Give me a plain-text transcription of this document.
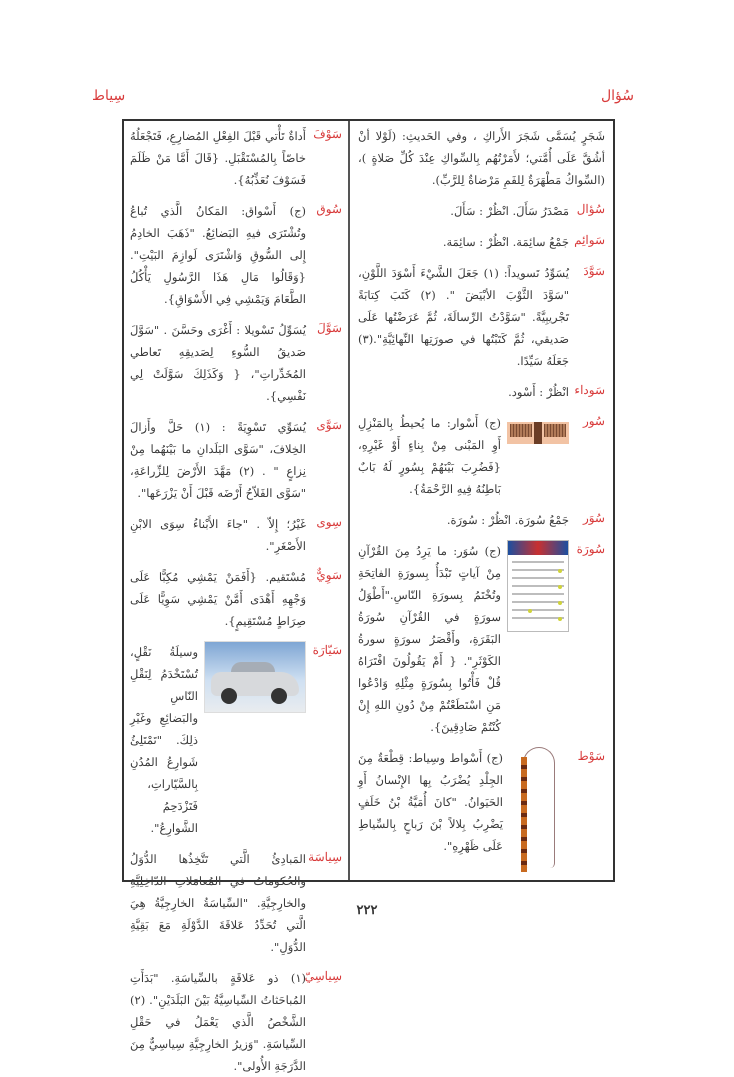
سُؤال
سِياط
شَجَرٍ يُسَمَّى شَجَرَ الأَراكِ ، وفي الحَديثِ: (لَوْلا أنْ أشُقَّ عَلَى أُمَّتي؛ لأَمَرْتُهُم بِالسِّواكِ عِنْدَ كُلِّ صَلاةٍ )، (السِّواكُ مَطْهَرَةٌ لِلفَمِ مَرْضاةٌ لِلرَّبِّ).
سُؤال
مَصْدَرُ سَأَلَ. انْظُرْ : سَأَلَ.
سَوائِم
جَمْعُ سائِمَة. انْظُرْ : سائِمَة.
سَوَّدَ
يُسَوِّدُ تَسويداً: (١) جَعَلَ الشَّيْءَ أَسْوَدَ اللَّوْنِ، "سَوَّدَ الثَّوْبَ الأبْيَضَ ". (٢) كَتَبَ كِتابَةً تَجْريبِيَّةً. "سَوَّدْتُ الرِّسالَةَ، ثُمَّ عَرَضْتُها عَلَى صَديقي، ثُمَّ كَتَبْتُها في صورَتِها النِّهائِيَّةِ".(٣) جَعَلَهُ سَيِّدًا.
سَوداء
انْظُرْ : أَسْود.
سُور
(ج) أَسْوار: ما يُحيطُ بِالمَنْزِلِ أَوِ المَبْنى مِنْ بِناءٍ أَوْ غَيْرِهِ، {فَضُرِبَ بَيْنَهُمْ بِسُورٍ لَهُ بَابٌ بَاطِنُهُ فِيهِ الرَّحْمَةُ}.
سُوَر
جَمْعُ سُورَة. انْظُرْ : سُورَة.
سُورَة
(ج) سُوَر: ما يَرِدُ مِنَ القُرْآنِ مِنْ آياتٍ تَبْدَأُ بِسورَةِ الفاتِحَةِ وتُخْتَمُ بِسورَةِ النّاسِ."أَطْوَلُ سورَةٍ في القُرْآنِ سُورَةُ البَقَرَةِ، وأَقْصَرُ سورَةٍ سورةُ الكَوْثَرِ". { أَمْ يَقُولُونَ افْتَرَاهُ قُلْ فَأْتُوا بِسُورَةٍ مِثْلِهِ وَادْعُوا مَنِ اسْتَطَعْتُمْ مِنْ دُونِ اللهِ إِنْ كُنْتُمْ صَادِقِينَ}.
سَوْط
(ج) أَسْواط وسِياط: قِطْعَةٌ مِنَ الجِلْدِ يُضْرَبُ بِها الإِنْسانُ أَوِ الحَيَوانُ. "كانَ أُمَيَّةُ بْنُ خَلَفٍ يَضْرِبُ بِلالاً بْنَ رَباحٍ بِالسِّياطِ عَلَى ظَهْرِهِ".
سَوْفَ
أَداةٌ تَأْتي قَبْلَ الفِعْلِ المُضارِعِ، فَتَجْعَلُهُ خاصّاً بِالمُسْتَقْبَلِ. {قَالَ أَمَّا مَنْ ظَلَمَ فَسَوْفَ نُعَذِّبُهُ}.
سُوق
(ج) أَسْواق: المَكانُ الَّذي تُباعُ وتُشْتَرَى فيهِ البَضائِعُ. "ذَهَبَ الخادِمُ إِلى السُّوقِ وَاشْتَرَى لَوازِمَ البَيْتِ". {وَقَالُوا مَالِ هَذَا الرَّسُولِ يَأْكُلُ الطَّعَامَ وَيَمْشِي فِي الأَسْوَاقِ}.
سَوَّلَ
يُسَوِّلُ تَسْويلا : أَغْرَى وحَسَّنَ . "سَوَّلَ صَديقُ السُّوءِ لِصَديقِهِ تَعاطي المُخَدِّراتِ"، { وَكَذَلِكَ سَوَّلَتْ لِي نَفْسِي}.
سَوَّى
يُسَوِّي تَسْوِيَةً : (١) حَلَّ وأَزالَ الخِلافَ، "سَوَّى البَلَدانِ ما بَيْنَهُما مِنْ نِزاعٍ " . (٢) مَهَّدَ الأَرْضَ لِلزِّراعَةِ، "سَوَّى الفَلاّحُ أَرْضَه قَبْلَ أَنْ يَزْرَعَها".
سِوى
غَيْرُ؛ إِلاّ . "جاءَ الأَبْناءُ سِوَى الابْنِ الأَصْغَرِ".
سَوِيٌّ
مُسْتَقيم. {أَفَمَنْ يَمْشِي مُكِبًّا عَلَى وَجْهِهِ أَهْدَى أَمَّنْ يَمْشِي سَوِيًّا عَلَى صِرَاطٍ مُسْتَقِيمٍ}.
سَيّارَة
وسيلَةُ نَقْلٍ، تُسْتَخْدَمُ لِنَقْلِ النّاسِ والبَضائِعِ وغَيْرِ ذلِكَ. "تَمْتَلِئُ شَوارِعُ المُدُنِ بِالسَّيّاراتِ، فَتَزْدَحِمُ الشَّوارِعُ".
سِياسَة
المَبادِئُ الَّتي تَتَّخِذُها الدُّوَلُ والحُكوماتُ في المُعامَلاتِ الدّاخِلِيَّةِ والخارِجِيَّةِ. "السِّياسَةُ الخارِجِيَّةُ هِيَ الَّتي تُحَدِّدُ عَلاقَةَ الدَّوْلَةِ مَعَ بَقِيَّةِ الدُّوَلِ".
سِياسِيّ
(١) ذو عَلاقَةٍ بالسِّياسَةِ. "بَدَأَتِ المُباحَثاتُ السِّياسِيَّةُ بَيْنَ البَلَدَيْنِ". (٢) الشَّخْصُ الَّذي يَعْمَلُ في حَقْلِ السِّياسَةِ. "وَزيرُ الخارِجِيَّةِ سِياسِيٌّ مِنَ الدَّرَجَةِ الأُولى".
٢٢٢
